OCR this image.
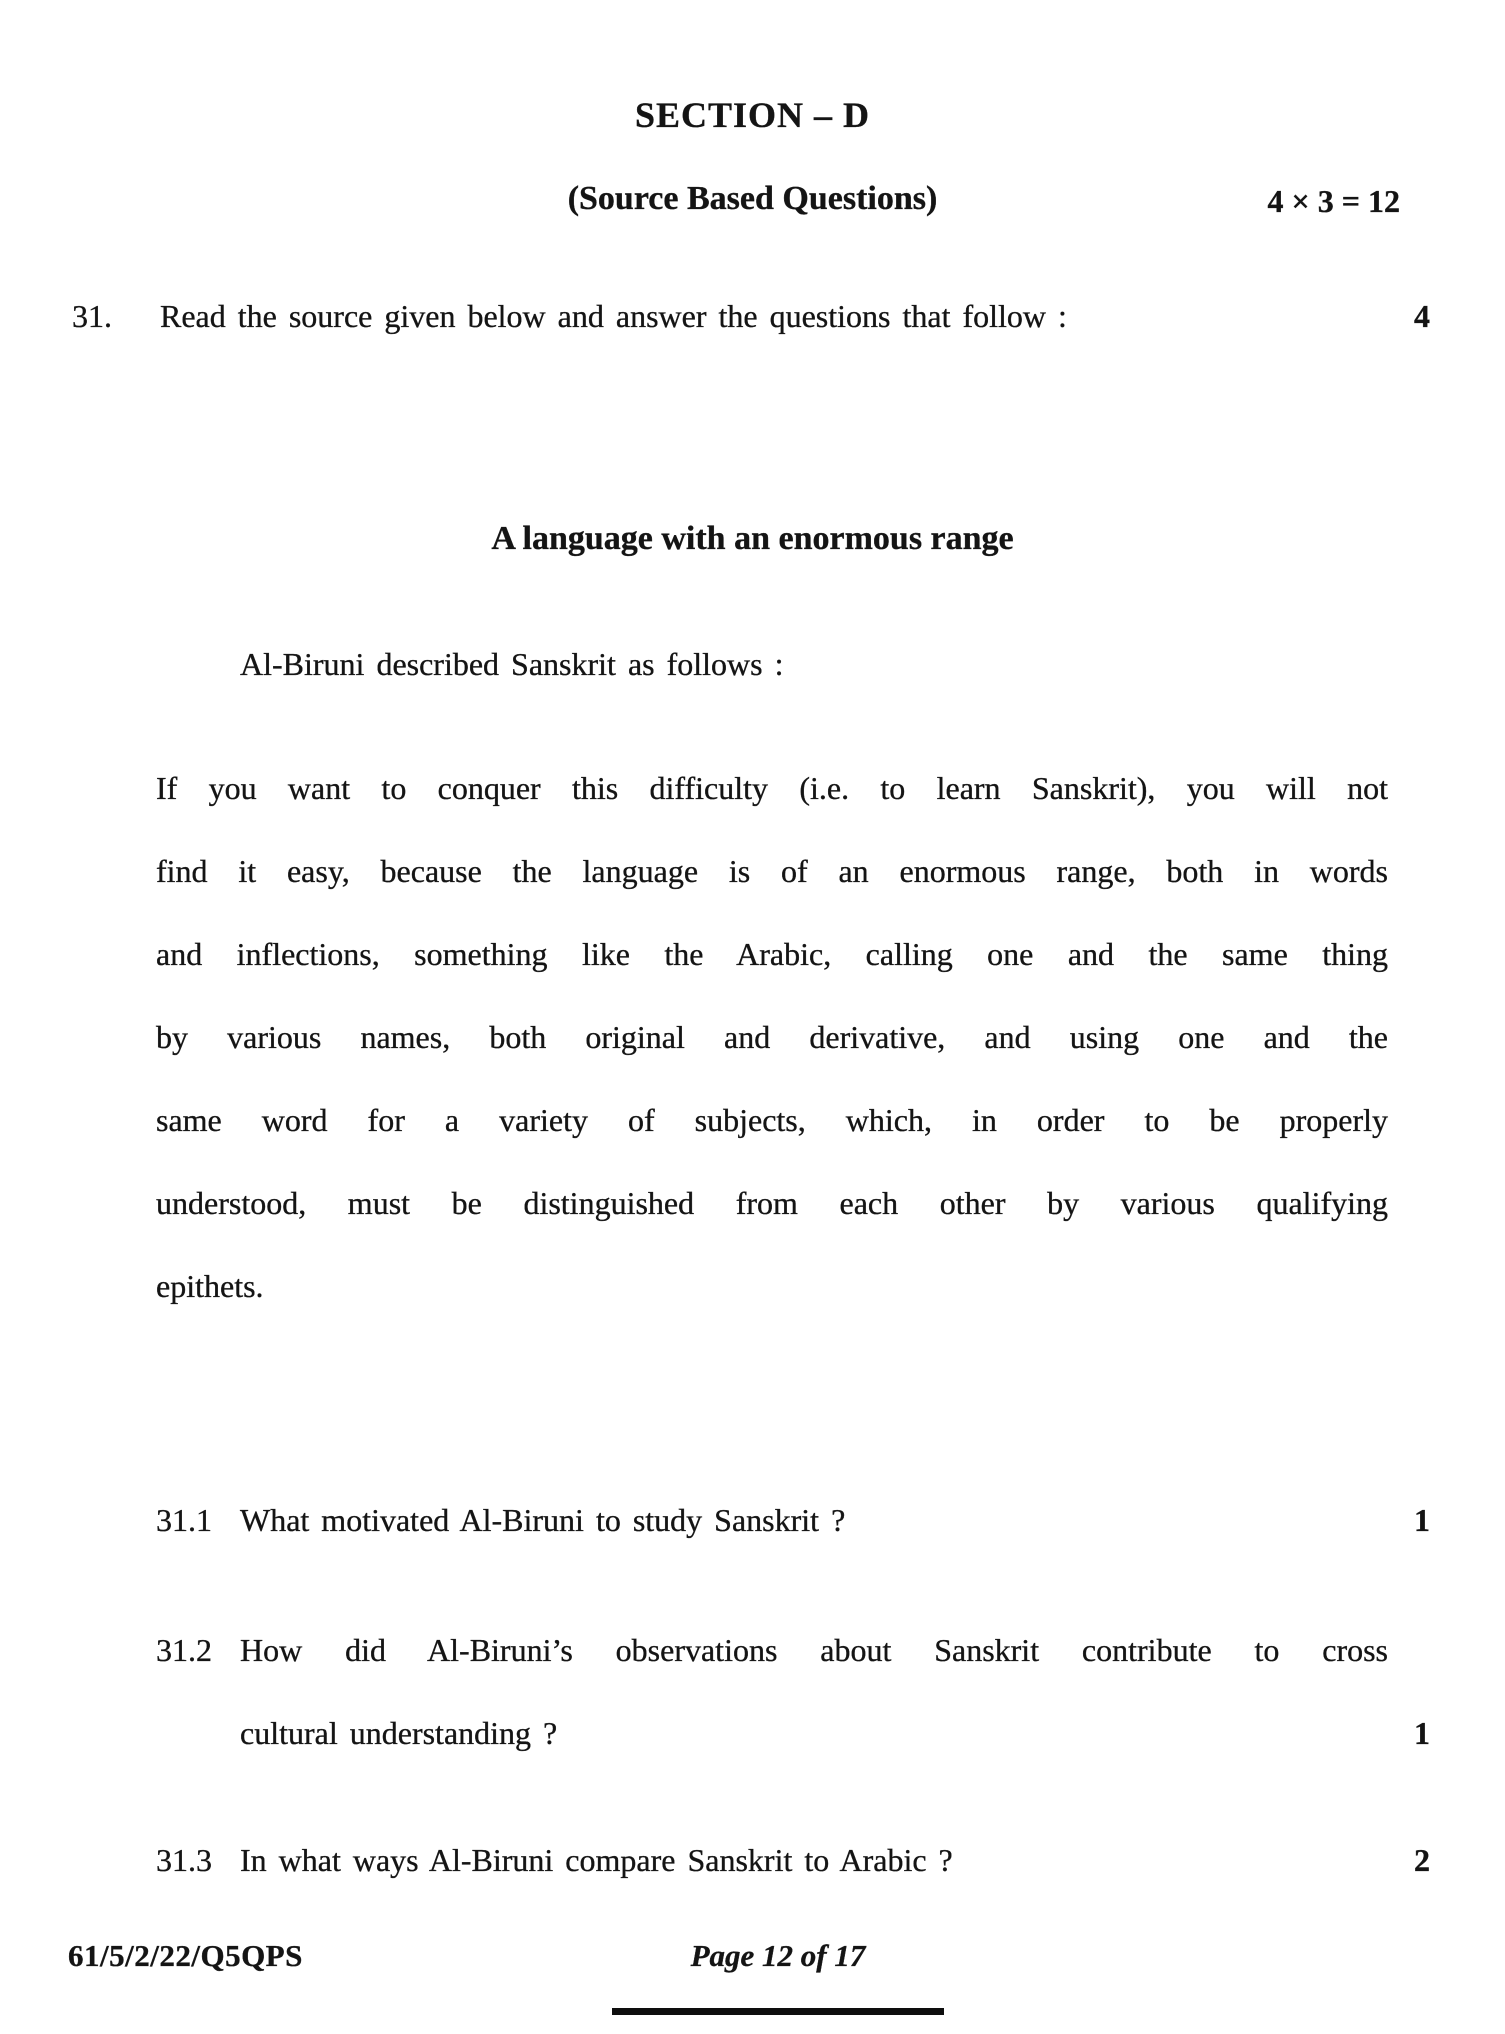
SECTION – D
(Source Based Questions)	4 × 3 = 12
31. Read the source given below and answer the questions that follow :	4
A language with an enormous range
Al-Biruni described Sanskrit as follows :
If you want to conquer this difficulty (i.e. to learn Sanskrit), you will not
find it easy, because the language is of an enormous range, both in words
and inflections, something like the Arabic, calling one and the same thing
by various names, both original and derivative, and using one and the
same word for a variety of subjects, which, in order to be properly
understood, must be distinguished from each other by various qualifying
epithets.
31.1 What motivated Al-Biruni to study Sanskrit ?	1
31.2 How did Al-Biruni’s observations about Sanskrit contribute to cross
cultural understanding ?	1
31.3 In what ways Al-Biruni compare Sanskrit to Arabic ?	2
61/5/2/22/Q5QPS	Page 12 of 17
